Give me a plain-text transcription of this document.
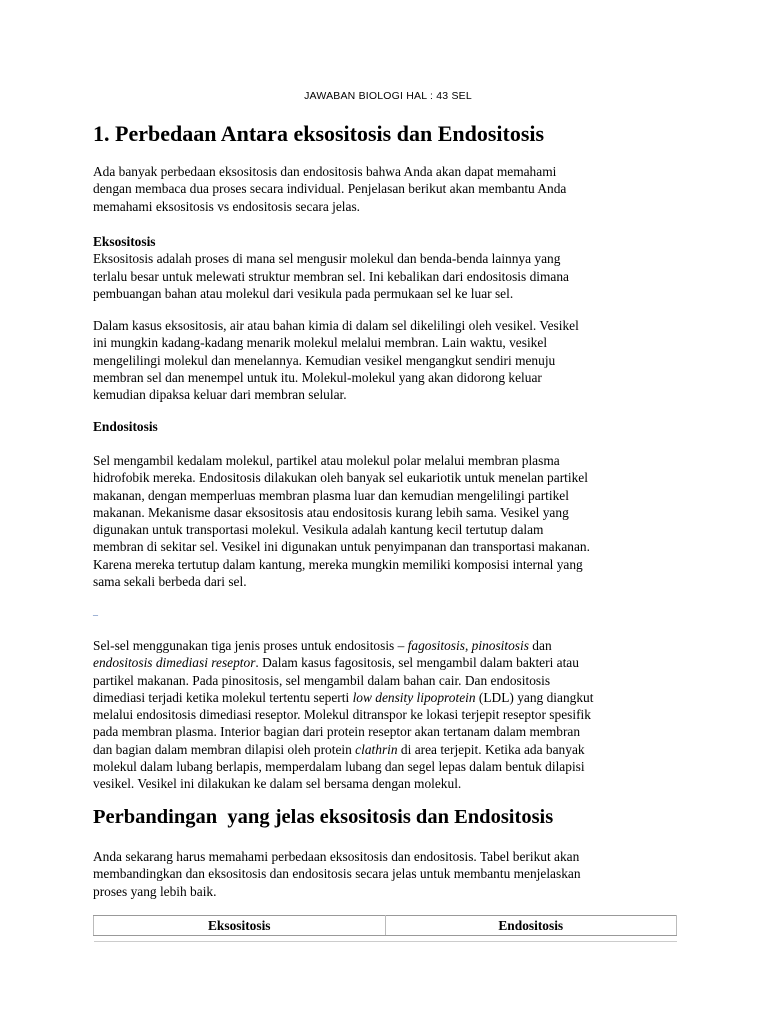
JAWABAN BIOLOGI HAL : 43 SEL
1. Perbedaan Antara eksositosis dan Endositosis
Ada banyak perbedaan eksositosis dan endositosis bahwa Anda akan dapat memahami
dengan membaca dua proses secara individual. Penjelasan berikut akan membantu Anda
memahami eksositosis vs endositosis secara jelas.
Eksositosis
Eksositosis adalah proses di mana sel mengusir molekul dan benda-benda lainnya yang
terlalu besar untuk melewati struktur membran sel. Ini kebalikan dari endositosis dimana
pembuangan bahan atau molekul dari vesikula pada permukaan sel ke luar sel.
Dalam kasus eksositosis, air atau bahan kimia di dalam sel dikelilingi oleh vesikel. Vesikel
ini mungkin kadang-kadang menarik molekul melalui membran. Lain waktu, vesikel
mengelilingi molekul dan menelannya. Kemudian vesikel mengangkut sendiri menuju
membran sel dan menempel untuk itu. Molekul-molekul yang akan didorong keluar
kemudian dipaksa keluar dari membran selular.
Endositosis
Sel mengambil kedalam molekul, partikel atau molekul polar melalui membran plasma
hidrofobik mereka. Endositosis dilakukan oleh banyak sel eukariotik untuk menelan partikel
makanan, dengan memperluas membran plasma luar dan kemudian mengelilingi partikel
makanan. Mekanisme dasar eksositosis atau endositosis kurang lebih sama. Vesikel yang
digunakan untuk transportasi molekul. Vesikula adalah kantung kecil tertutup dalam
membran di sekitar sel. Vesikel ini digunakan untuk penyimpanan dan transportasi makanan.
Karena mereka tertutup dalam kantung, mereka mungkin memiliki komposisi internal yang
sama sekali berbeda dari sel.
–
Sel-sel menggunakan tiga jenis proses untuk endositosis – fagositosis, pinositosis dan
endositosis dimediasi reseptor. Dalam kasus fagositosis, sel mengambil dalam bakteri atau
partikel makanan. Pada pinositosis, sel mengambil dalam bahan cair. Dan endositosis
dimediasi terjadi ketika molekul tertentu seperti low density lipoprotein (LDL) yang diangkut
melalui endositosis dimediasi reseptor. Molekul ditranspor ke lokasi terjepit reseptor spesifik
pada membran plasma. Interior bagian dari protein reseptor akan tertanam dalam membran
dan bagian dalam membran dilapisi oleh protein clathrin di area terjepit. Ketika ada banyak
molekul dalam lubang berlapis, memperdalam lubang dan segel lepas dalam bentuk dilapisi
vesikel. Vesikel ini dilakukan ke dalam sel bersama dengan molekul.
Perbandingan  yang jelas eksositosis dan Endositosis
Anda sekarang harus memahami perbedaan eksositosis dan endositosis. Tabel berikut akan
membandingkan dan eksositosis dan endositosis secara jelas untuk membantu menjelaskan
proses yang lebih baik.
Eksositosis	Endositosis
